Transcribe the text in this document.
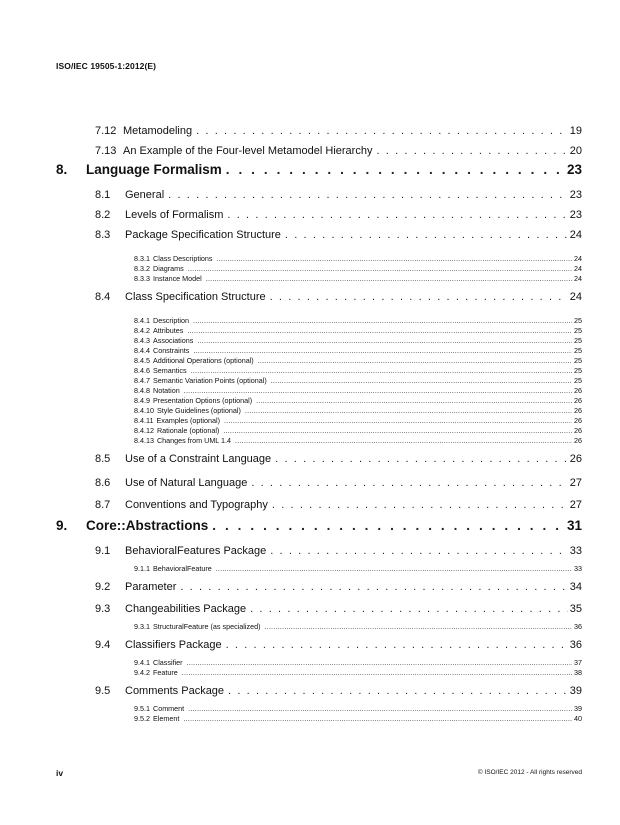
ISO/IEC 19505-1:2012(E)
7.12 Metamodeling . . .	19
7.13 An Example of the Four-level Metamodel Hierarchy . . .	20
8.	Language Formalism . . .	23
8.1	General . . .	23
8.2	Levels of Formalism . . .	23
8.3	Package Specification Structure . . .	24
8.3.1 Class Descriptions .....	24
8.3.2 Diagrams .....	24
8.3.3 Instance Model .....	24
8.4	Class Specification Structure . . .	24
8.4.1 Description .....	25
8.4.2 Attributes .....	25
8.4.3 Associations .....	25
8.4.4 Constraints .....	25
8.4.5 Additional Operations (optional) .....	25
8.4.6 Semantics .....	25
8.4.7 Semantic Variation Points (optional) .....	25
8.4.8 Notation .....	26
8.4.9 Presentation Options (optional) .....	26
8.4.10 Style Guidelines (optional) .....	26
8.4.11 Examples (optional) .....	26
8.4.12 Rationale (optional) .....	26
8.4.13 Changes from UML 1.4 .....	26
8.5	Use of a Constraint Language . . .	26
8.6	Use of Natural Language . . .	27
8.7	Conventions and Typography . . .	27
9.	Core::Abstractions . . .	31
9.1	BehavioralFeatures Package . . .	33
9.1.1 BehavioralFeature .....	33
9.2	Parameter . . .	34
9.3	Changeabilities Package . . .	35
9.3.1 StructuralFeature (as specialized) .....	36
9.4	Classifiers Package . . .	36
9.4.1 Classifier .....	37
9.4.2 Feature .....	38
9.5	Comments Package . . .	39
9.5.1 Comment .....	39
9.5.2 Element .....	40
iv	© ISO/IEC 2012 - All rights reserved
